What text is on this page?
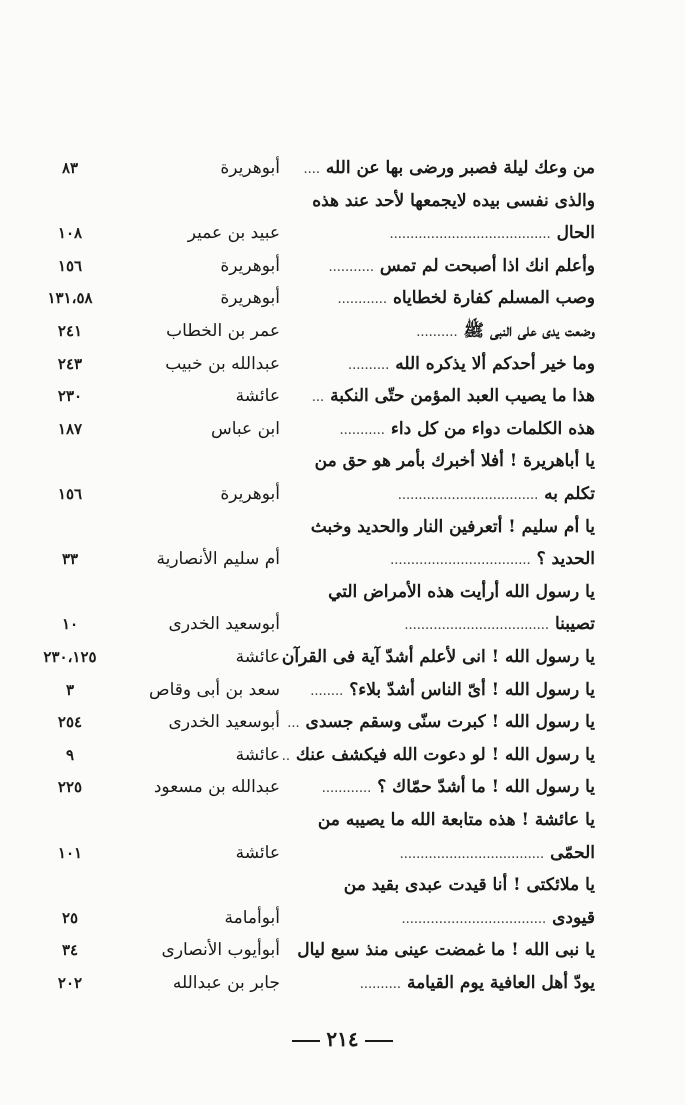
من وعك ليلة فصبر ورضى بها عن الله ....
أبوهريرة
٨٣
والذى نفسى بيده لايجمعها لأحد عند هذه
الحال .......................................
عبيد بن عمير
١٠٨
وأعلم انك اذا أصبحت لم تمس ...........
أبوهريرة
١٥٦
وصب المسلم كفارة لخطاياه ............
أبوهريرة
١٣١،٥٨
وضعت يدى على النبى ﷺ ..........
عمر بن الخطاب
٢٤١
وما خير أحدكم ألا يذكره الله ..........
عبدالله بن خبيب
٢٤٣
هذا ما يصيب العبد المؤمن حتّى النكبة ...
عائشة
٢٣٠
هذه الكلمات دواء من كل داء ...........
ابن عباس
١٨٧
يا أباهريرة ! أفلا أخبرك بأمر هو حق من
تكلم به ..................................
أبوهريرة
١٥٦
يا أم سليم ! أتعرفين النار والحديد وخبث
الحديد ؟ ..................................
أم سليم الأنصارية
٣٣
يا رسول الله أرأيت هذه الأمراض التي
تصيبنا ...................................
أبوسعيد الخدرى
١٠
يا رسول الله ! انى لأعلم أشدّ آية فى القرآن
عائشة
٢٣٠،١٢٥
يا رسول الله ! أىّ الناس أشدّ بلاء؟ ........
سعد بن أبى وقاص
٣
يا رسول الله ! كبرت سنّى وسقم جسدى ...
أبوسعيد الخدرى
٢٥٤
يا رسول الله ! لو دعوت الله فيكشف عنك ..
عائشة
٩
يا رسول الله ! ما أشدّ حمّاك ؟ ............
عبدالله بن مسعود
٢٢٥
يا عائشة ! هذه متابعة الله ما يصيبه من
الحمّى ...................................
عائشة
١٠١
يا ملائكتى ! أنا قيدت عبدى بقيد من
قيودى ...................................
أبوأمامة
٢٥
يا نبى الله ! ما غمضت عينى منذ سبع ليال
أبوأيوب الأنصارى
٣٤
يودّ أهل العافية يوم القيامة ..........
جابر بن عبدالله
٢٠٢
٢١٤
